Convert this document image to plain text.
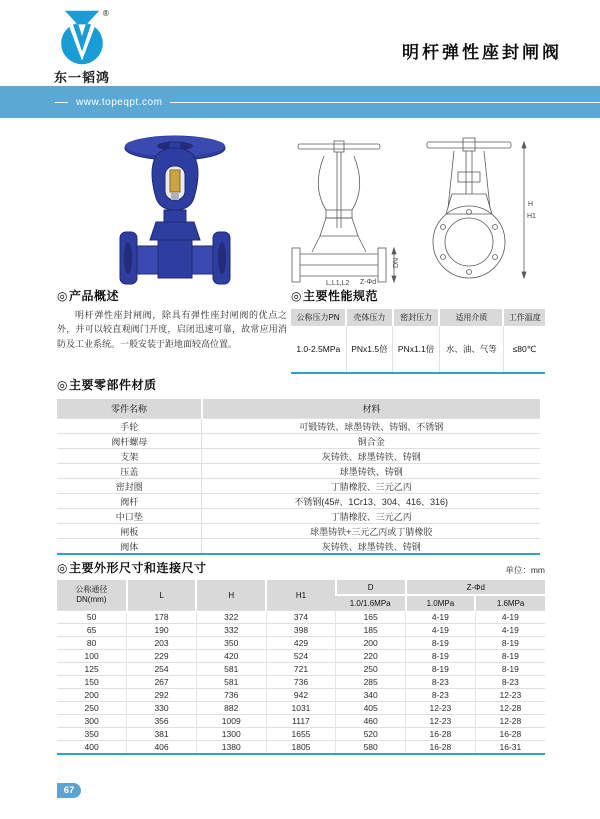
®
东一韬鸿
明杆弹性座封闸阀
www.topeqpt.com
DN
Z-Φd
L,L1,L2
H
H1
◎产品概述
明杆弹性座封闸阀，除具有弹性座封闸阀的优点之外，并可以较直观阀门开度，启闭迅速可靠，故常应用消防及工业系统。一般安装于距地面较高位置。
◎主要性能规范
公称压力PN	壳体压力	密封压力	适用介质	工作温度
1.0-2.5MPa	PNx1.5倍	PNx1.1倍	水、油、气等	≤80℃
◎主要零部件材质
零件名称	材料
手轮	可锻铸铁、球墨铸铁、铸钢、不锈钢
阀杆螺母	铜合金
支架	灰铸铁、球墨铸铁、铸钢
压盖	球墨铸铁、铸钢
密封圈	丁腈橡胶、三元乙丙
阀杆	不锈钢(45#、1Cr13、304、416、316)
中口垫	丁腈橡胶、三元乙丙
闸板	球墨铸铁+三元乙丙或丁腈橡胶
阀体	灰铸铁、球墨铸铁、铸钢
◎主要外形尺寸和连接尺寸	单位：mm
公称通径
DN(mm)	L	H	H1	D	Z-Φd	
				1.0/1.6MPa	1.0MPa	1.6MPa
50	178	322	374	165	4-19	4-19
65	190	332	398	185	4-19	4-19
80	203	350	429	200	8-19	8-19
100	229	420	524	220	8-19	8-19
125	254	581	721	250	8-19	8-19
150	267	581	736	285	8-23	8-23
200	292	736	942	340	8-23	12-23
250	330	882	1031	405	12-23	12-28
300	356	1009	1117	460	12-23	12-28
350	381	1300	1655	520	16-28	16-28
400	406	1380	1805	580	16-28	16-31
67
